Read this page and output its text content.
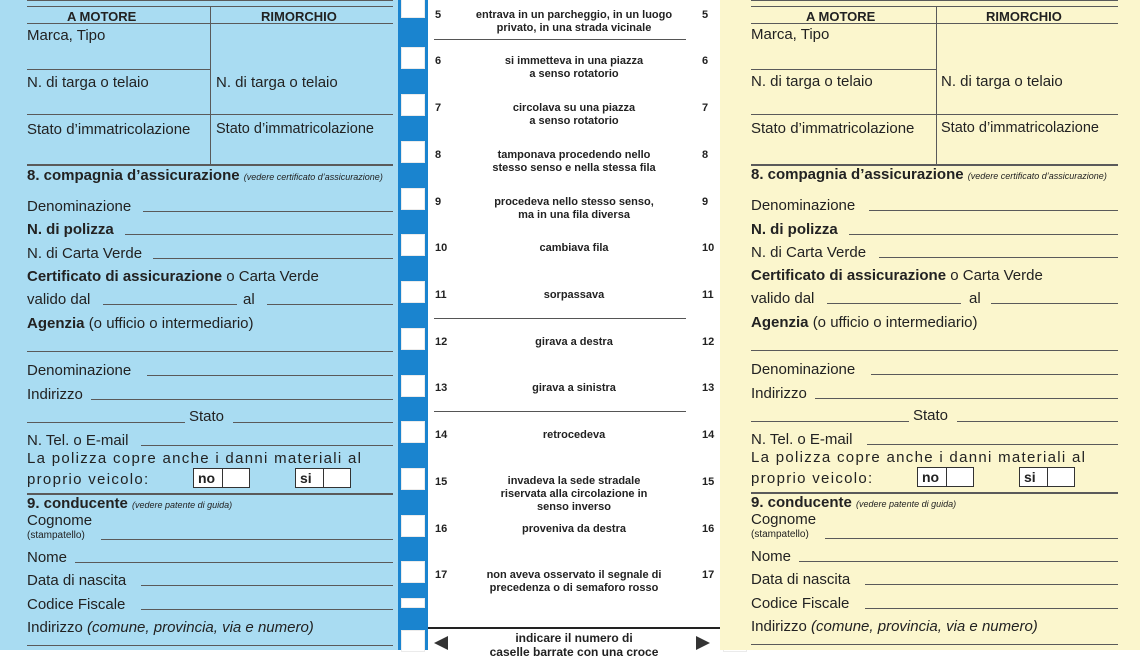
A MOTORE	RIMORCHIO
Marca, Tipo
N. di targa o telaio	N. di targa o telaio
Stato d’immatricolazione Stato d’immatricolazione
8. compagnia d’assicurazione (vedere certificato d’assicurazione)
Denominazione
N. di polizza
N. di Carta Verde
Certificato di assicurazione o Carta Verde
valido dal	al
Agenzia (o ufficio o intermediario)
Denominazione
Indirizzo
Stato
N. Tel. o E-mail
La polizza copre anche i danni materiali al
proprio veicolo:	no	si
9. conducente (vedere patente di guida)
Cognome
(stampatello)
Nome
Data di nascita
Codice Fiscale
Indirizzo (comune, provincia, via e numero)
5	5
entrava in un parcheggio, in un luogo
privato, in una strada vicinale
6	6
si immetteva in una piazza
a senso rotatorio
7	7
circolava su una piazza
a senso rotatorio
8	8
tamponava procedendo nello
stesso senso e nella stessa fila
9	9
procedeva nello stesso senso,
ma in una fila diversa
10	10
cambiava fila
11	11
sorpassava
12	12
girava a destra
13	13
girava a sinistra
14	14
retrocedeva
15	15
invadeva la sede stradale
riservata alla circolazione in
senso inverso
16	16
proveniva da destra
17	17
non aveva osservato il segnale di
precedenza o di semaforo rosso
indicare il numero di
caselle barrate con una croce
A MOTORE	RIMORCHIO
Marca, Tipo
N. di targa o telaio	N. di targa o telaio
Stato d’immatricolazione Stato d’immatricolazione
8. compagnia d’assicurazione (vedere certificato d’assicurazione)
Denominazione
N. di polizza
N. di Carta Verde
Certificato di assicurazione o Carta Verde
valido dal	al
Agenzia (o ufficio o intermediario)
Denominazione
Indirizzo
Stato
N. Tel. o E-mail
La polizza copre anche i danni materiali al
proprio veicolo:	no	si
9. conducente (vedere patente di guida)
Cognome
(stampatello)
Nome
Data di nascita
Codice Fiscale
Indirizzo (comune, provincia, via e numero)
